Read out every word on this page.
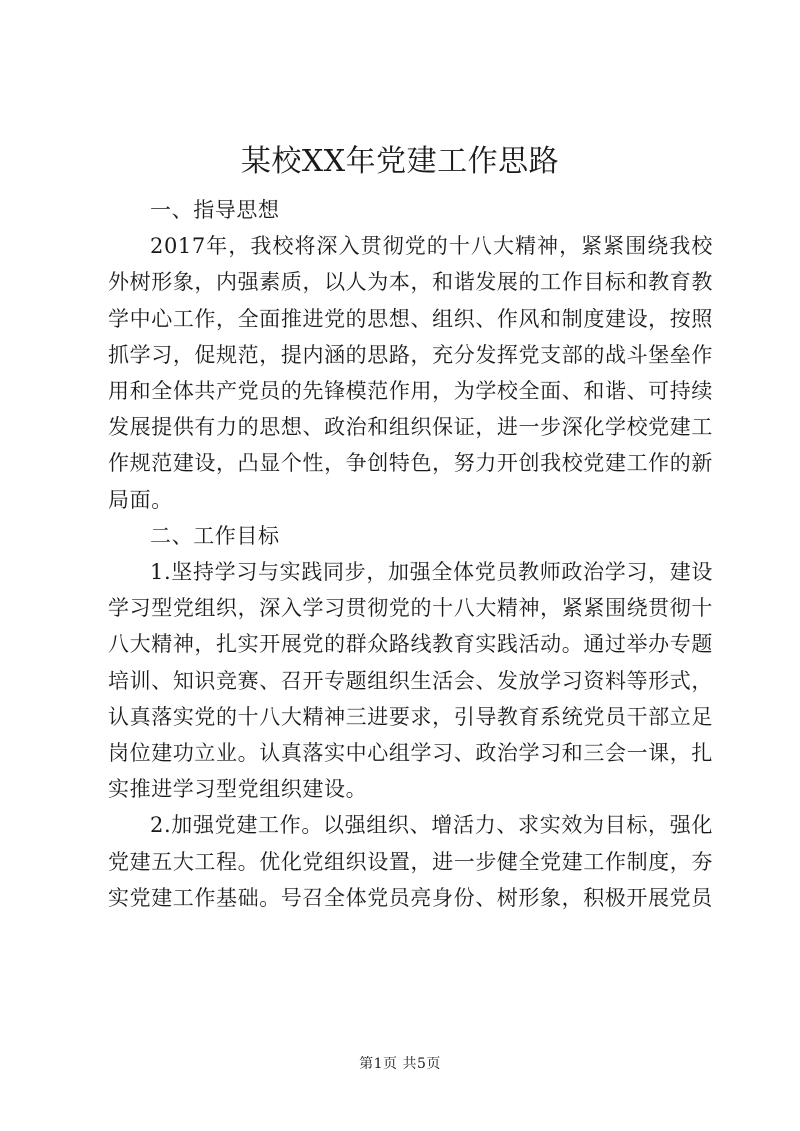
某校XX年党建工作思路

一、指导思想

2017年，我校将深入贯彻党的十八大精神，紧紧围绕我校外树形象，内强素质，以人为本，和谐发展的工作目标和教育教学中心工作，全面推进党的思想、组织、作风和制度建设，按照抓学习，促规范，提内涵的思路，充分发挥党支部的战斗堡垒作用和全体共产党员的先锋模范作用，为学校全面、和谐、可持续发展提供有力的思想、政治和组织保证，进一步深化学校党建工作规范建设，凸显个性，争创特色，努力开创我校党建工作的新局面。

二、工作目标

1.坚持学习与实践同步，加强全体党员教师政治学习，建设学习型党组织，深入学习贯彻党的十八大精神，紧紧围绕贯彻十八大精神，扎实开展党的群众路线教育实践活动。通过举办专题培训、知识竞赛、召开专题组织生活会、发放学习资料等形式，认真落实党的十八大精神三进要求，引导教育系统党员干部立足岗位建功立业。认真落实中心组学习、政治学习和三会一课，扎实推进学习型党组织建设。

2.加强党建工作。以强组织、增活力、求实效为目标，强化党建五大工程。优化党组织设置，进一步健全党建工作制度，夯实党建工作基础。号召全体党员亮身份、树形象，积极开展党员

第1页 共5页
